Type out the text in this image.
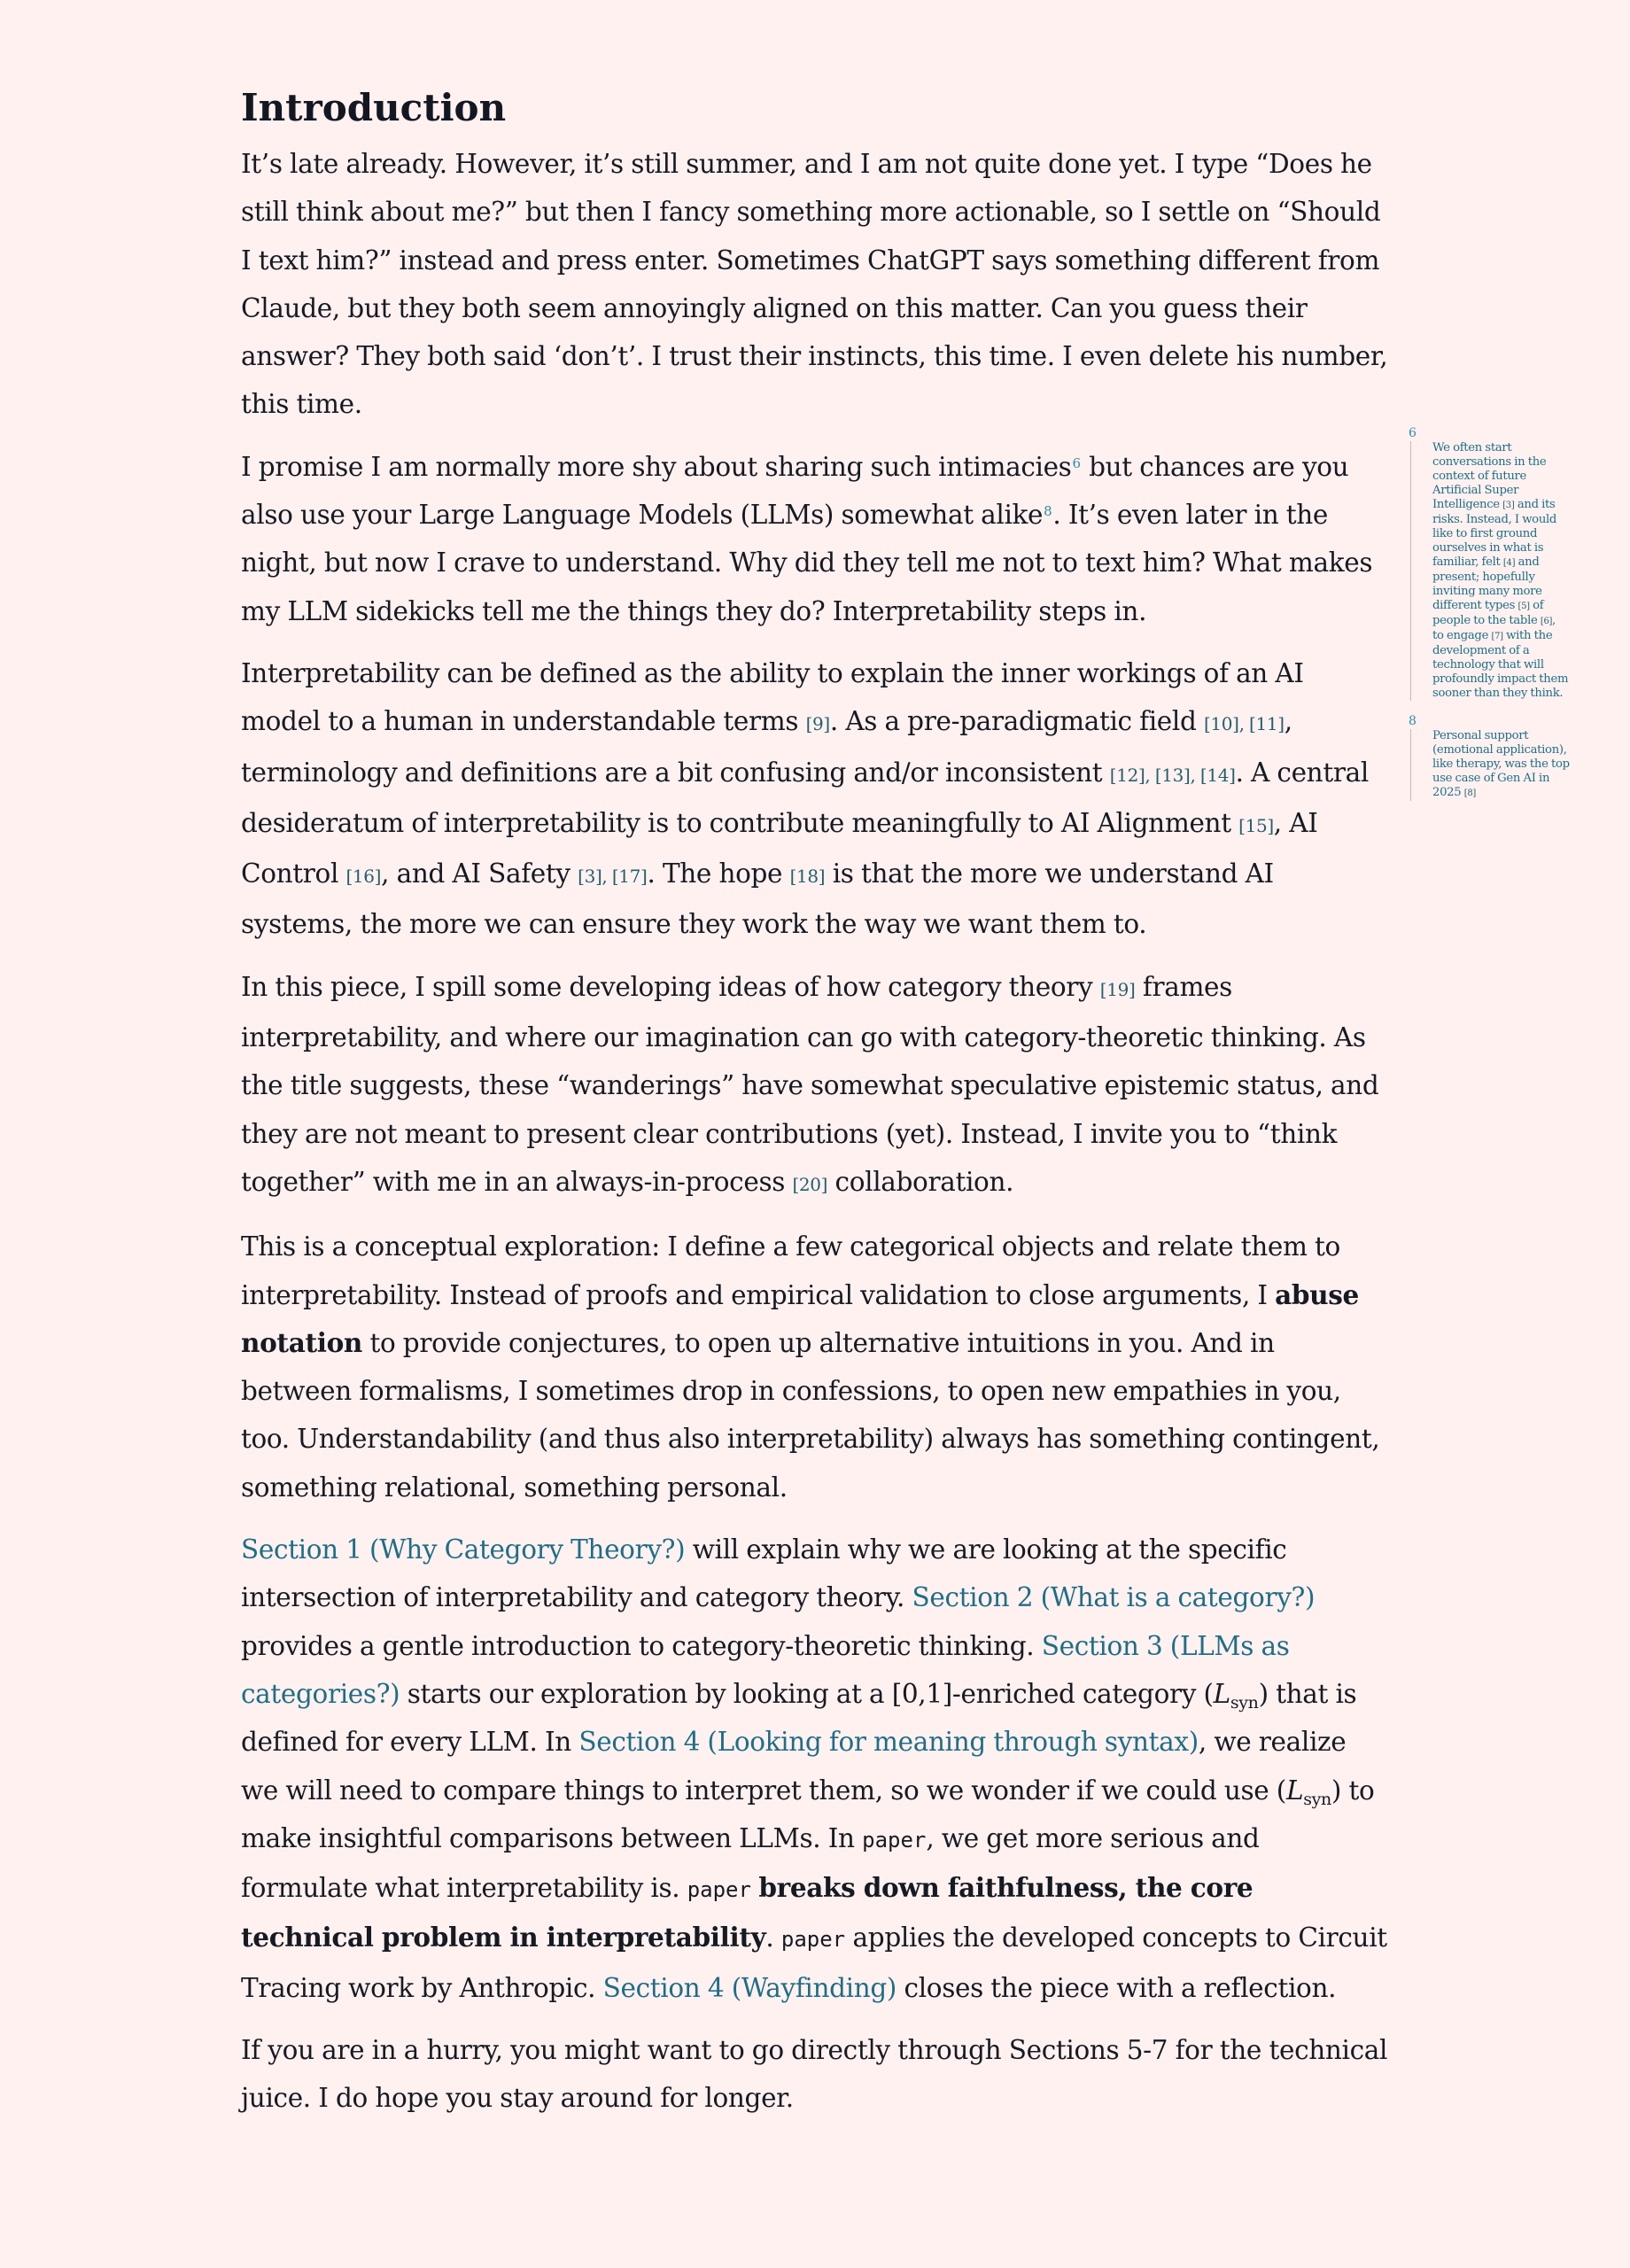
Introduction

It’s late already. However, it’s still summer, and I am not quite done yet. I type “Does he still think about me?” but then I fancy something more actionable, so I settle on “Should I text him?” instead and press enter. Sometimes ChatGPT says something different from Claude, but they both seem annoyingly aligned on this matter. Can you guess their answer? They both said ‘don’t’. I trust their instincts, this time. I even delete his number, this time.

I promise I am normally more shy about sharing such intimacies$^6$ but chances are you also use your Large Language Models (LLMs) somewhat alike$^8$. It’s even later in the night, but now I crave to understand. Why did they tell me not to text him? What makes my LLM sidekicks tell me the things they do? Interpretability steps in.

Interpretability can be defined as the ability to explain the inner workings of an AI model to a human in understandable terms [9]. As a pre-paradigmatic field [10], [11], terminology and definitions are a bit confusing and/or inconsistent [12], [13], [14]. A central desideratum of interpretability is to contribute meaningfully to AI Alignment [15], AI Control [16], and AI Safety [3], [17]. The hope [18] is that the more we understand AI systems, the more we can ensure they work the way we want them to.

In this piece, I spill some developing ideas of how category theory [19] frames interpretability, and where our imagination can go with category-theoretic thinking. As the title suggests, these “wanderings” have somewhat speculative epistemic status, and they are not meant to present clear contributions (yet). Instead, I invite you to “think together” with me in an always-in-process [20] collaboration.

This is a conceptual exploration: I define a few categorical objects and relate them to interpretability. Instead of proofs and empirical validation to close arguments, I abuse notation to provide conjectures, to open up alternative intuitions in you. And in between formalisms, I sometimes drop in confessions, to open new empathies in you, too. Understandability (and thus also interpretability) always has something contingent, something relational, something personal.

Section 1 (Why Category Theory?) will explain why we are looking at the specific intersection of interpretability and category theory. Section 2 (What is a category?) provides a gentle introduction to category-theoretic thinking. Section 3 (LLMs as categories?) starts our exploration by looking at a [0,1]-enriched category $(L_{syn})$ that is defined for every LLM. In Section 4 (Looking for meaning through syntax), we realize we will need to compare things to interpret them, so we wonder if we could use $(L_{syn})$ to make insightful comparisons between LLMs. In paper, we get more serious and formulate what interpretability is. paper breaks down faithfulness, the core technical problem in interpretability. paper applies the developed concepts to Circuit Tracing work by Anthropic. Section 4 (Wayfinding) closes the piece with a reflection.

If you are in a hurry, you might want to go directly through Sections 5-7 for the technical juice. I do hope you stay around for longer.

6
We often start conversations in the context of future Artificial Super Intelligence [3] and its risks. Instead, I would like to first ground ourselves in what is familiar, felt [4] and present; hopefully inviting many more different types [5] of people to the table [6], to engage [7] with the development of a technology that will profoundly impact them sooner than they think.
8
Personal support (emotional application), like therapy, was the top use case of Gen AI in 2025 [8]
